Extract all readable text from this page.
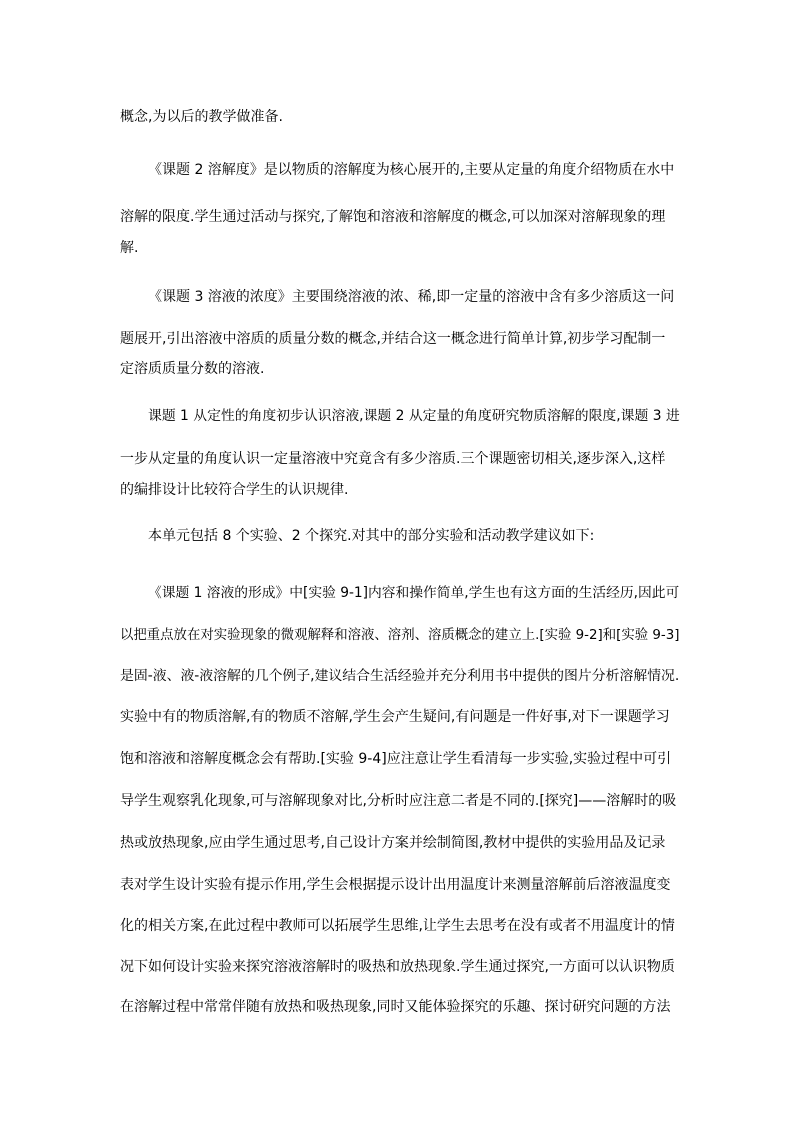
概念,为以后的教学做准备.
《课题 2 溶解度》是以物质的溶解度为核心展开的,主要从定量的角度介绍物质在水中
溶解的限度.学生通过活动与探究,了解饱和溶液和溶解度的概念,可以加深对溶解现象的理
解.
《课题 3 溶液的浓度》主要围绕溶液的浓、稀,即一定量的溶液中含有多少溶质这一问
题展开,引出溶液中溶质的质量分数的概念,并结合这一概念进行简单计算,初步学习配制一
定溶质质量分数的溶液.
课题 1 从定性的角度初步认识溶液,课题 2 从定量的角度研究物质溶解的限度,课题 3 进
一步从定量的角度认识一定量溶液中究竟含有多少溶质.三个课题密切相关,逐步深入,这样
的编排设计比较符合学生的认识规律.
本单元包括 8 个实验、2 个探究.对其中的部分实验和活动教学建议如下:
《课题 1 溶液的形成》中[实验 9-1]内容和操作简单,学生也有这方面的生活经历,因此可
以把重点放在对实验现象的微观解释和溶液、溶剂、溶质概念的建立上.[实验 9-2]和[实验 9-3]
是固-液、液-液溶解的几个例子,建议结合生活经验并充分利用书中提供的图片分析溶解情况.
实验中有的物质溶解,有的物质不溶解,学生会产生疑问,有问题是一件好事,对下一课题学习
饱和溶液和溶解度概念会有帮助.[实验 9-4]应注意让学生看清每一步实验,实验过程中可引
导学生观察乳化现象,可与溶解现象对比,分析时应注意二者是不同的.[探究]——溶解时的吸
热或放热现象,应由学生通过思考,自己设计方案并绘制简图,教材中提供的实验用品及记录
表对学生设计实验有提示作用,学生会根据提示设计出用温度计来测量溶解前后溶液温度变
化的相关方案,在此过程中教师可以拓展学生思维,让学生去思考在没有或者不用温度计的情
况下如何设计实验来探究溶液溶解时的吸热和放热现象.学生通过探究,一方面可以认识物质
在溶解过程中常常伴随有放热和吸热现象,同时又能体验探究的乐趣、探讨研究问题的方法
